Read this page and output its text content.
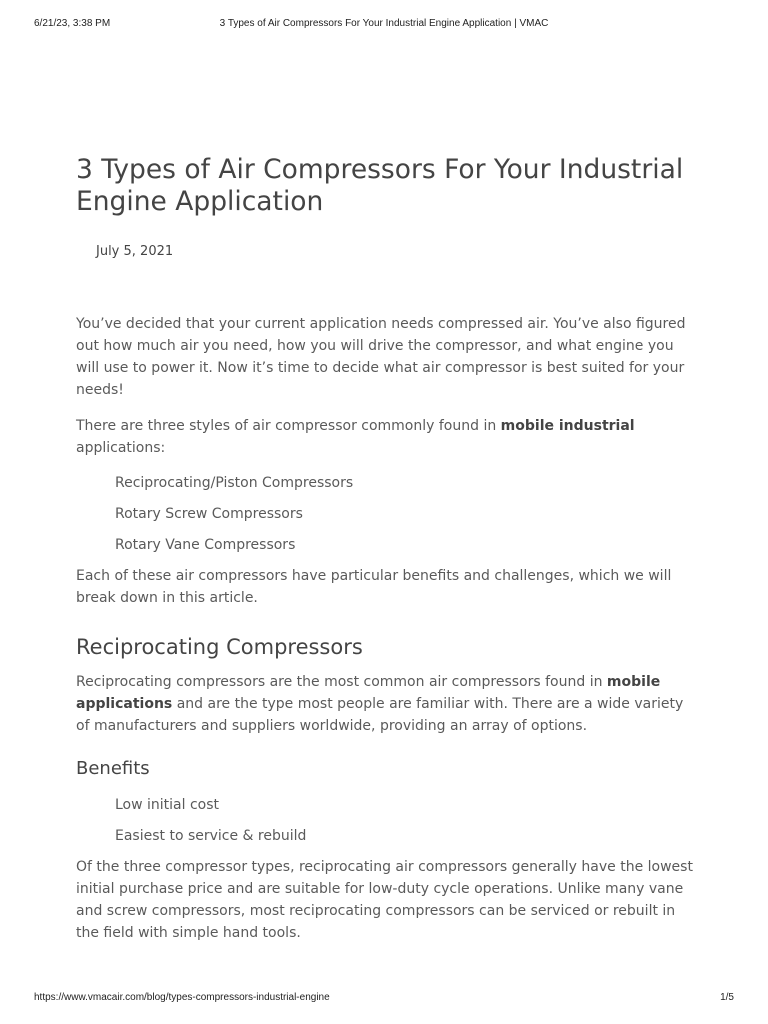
6/21/23, 3:38 PM	3 Types of Air Compressors For Your Industrial Engine Application | VMAC
3 Types of Air Compressors For Your Industrial Engine Application
July 5, 2021

You’ve decided that your current application needs compressed air. You’ve also figured out how much air you need, how you will drive the compressor, and what engine you will use to power it. Now it’s time to decide what air compressor is best suited for your needs!

There are three styles of air compressor commonly found in mobile industrial applications:

Reciprocating/Piston Compressors
Rotary Screw Compressors
Rotary Vane Compressors

Each of these air compressors have particular benefits and challenges, which we will break down in this article.

Reciprocating Compressors

Reciprocating compressors are the most common air compressors found in mobile applications and are the type most people are familiar with. There are a wide variety of manufacturers and suppliers worldwide, providing an array of options.

Benefits
Low initial cost
Easiest to service & rebuild

Of the three compressor types, reciprocating air compressors generally have the lowest initial purchase price and are suitable for low-duty cycle operations. Unlike many vane and screw compressors, most reciprocating compressors can be serviced or rebuilt in the field with simple hand tools.

https://www.vmacair.com/blog/types-compressors-industrial-engine	1/5
